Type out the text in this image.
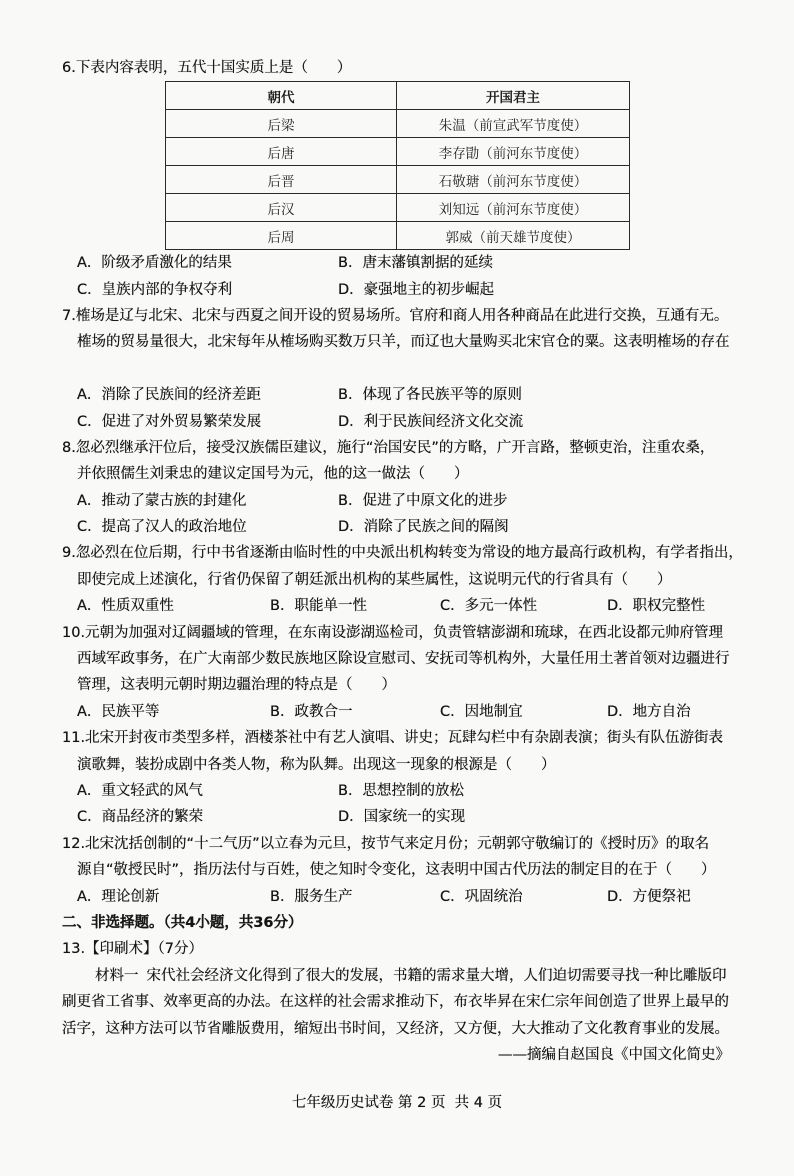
6.下表内容表明，五代十国实质上是（　　）
朝代	开国君主
后梁	朱温（前宣武军节度使）
后唐	李存勖（前河东节度使）
后晋	石敬瑭（前河东节度使）
后汉	刘知远（前河东节度使）
后周	郭威（前天雄节度使）
A．阶级矛盾激化的结果	B．唐末藩镇割据的延续
C．皇族内部的争权夺利	D．豪强地主的初步崛起
7.榷场是辽与北宋、北宋与西夏之间开设的贸易场所。官府和商人用各种商品在此进行交换，互通有无。
榷场的贸易量很大，北宋每年从榷场购买数万只羊，而辽也大量购买北宋官仓的粟。这表明榷场的存在
A．消除了民族间的经济差距	B．体现了各民族平等的原则
C．促进了对外贸易繁荣发展	D．利于民族间经济文化交流
8.忽必烈继承汗位后，接受汉族儒臣建议，施行“治国安民”的方略，广开言路，整顿吏治，注重农桑，
并依照儒生刘秉忠的建议定国号为元，他的这一做法（　　）
A．推动了蒙古族的封建化	B．促进了中原文化的进步
C．提高了汉人的政治地位	D．消除了民族之间的隔阂
9.忽必烈在位后期，行中书省逐渐由临时性的中央派出机构转变为常设的地方最高行政机构，有学者指出，
即使完成上述演化，行省仍保留了朝廷派出机构的某些属性，这说明元代的行省具有（　　）
A．性质双重性	B．职能单一性	C．多元一体性	D．职权完整性
10.元朝为加强对辽阔疆域的管理，在东南设澎湖巡检司，负责管辖澎湖和琉球，在西北设都元帅府管理
西域军政事务，在广大南部少数民族地区除设宣慰司、安抚司等机构外，大量任用土著首领对边疆进行
管理，这表明元朝时期边疆治理的特点是（　　）
A．民族平等	B．政教合一	C．因地制宜	D．地方自治
11.北宋开封夜市类型多样，酒楼茶社中有艺人演唱、讲史；瓦肆勾栏中有杂剧表演；街头有队伍游街表
演歌舞，装扮成剧中各类人物，称为队舞。出现这一现象的根源是（　　）
A．重文轻武的风气	B．思想控制的放松
C．商品经济的繁荣	D．国家统一的实现
12.北宋沈括创制的“十二气历”以立春为元旦，按节气来定月份；元朝郭守敬编订的《授时历》的取名
源自“敬授民时”，指历法付与百姓，使之知时令变化，这表明中国古代历法的制定目的在于（　　）
A．理论创新	B．服务生产	C．巩固统治	D．方便祭祀
二、非选择题。（共4小题，共36分）
13.【印刷术】（7分）
材料一 宋代社会经济文化得到了很大的发展，书籍的需求量大增，人们迫切需要寻找一种比雕版印
刷更省工省事、效率更高的办法。在这样的社会需求推动下，布衣毕昇在宋仁宗年间创造了世界上最早的
活字，这种方法可以节省雕版费用，缩短出书时间，又经济，又方便，大大推动了文化教育事业的发展。
——摘编自赵国良《中国文化简史》
七年级历史试卷 第 2 页  共 4 页
